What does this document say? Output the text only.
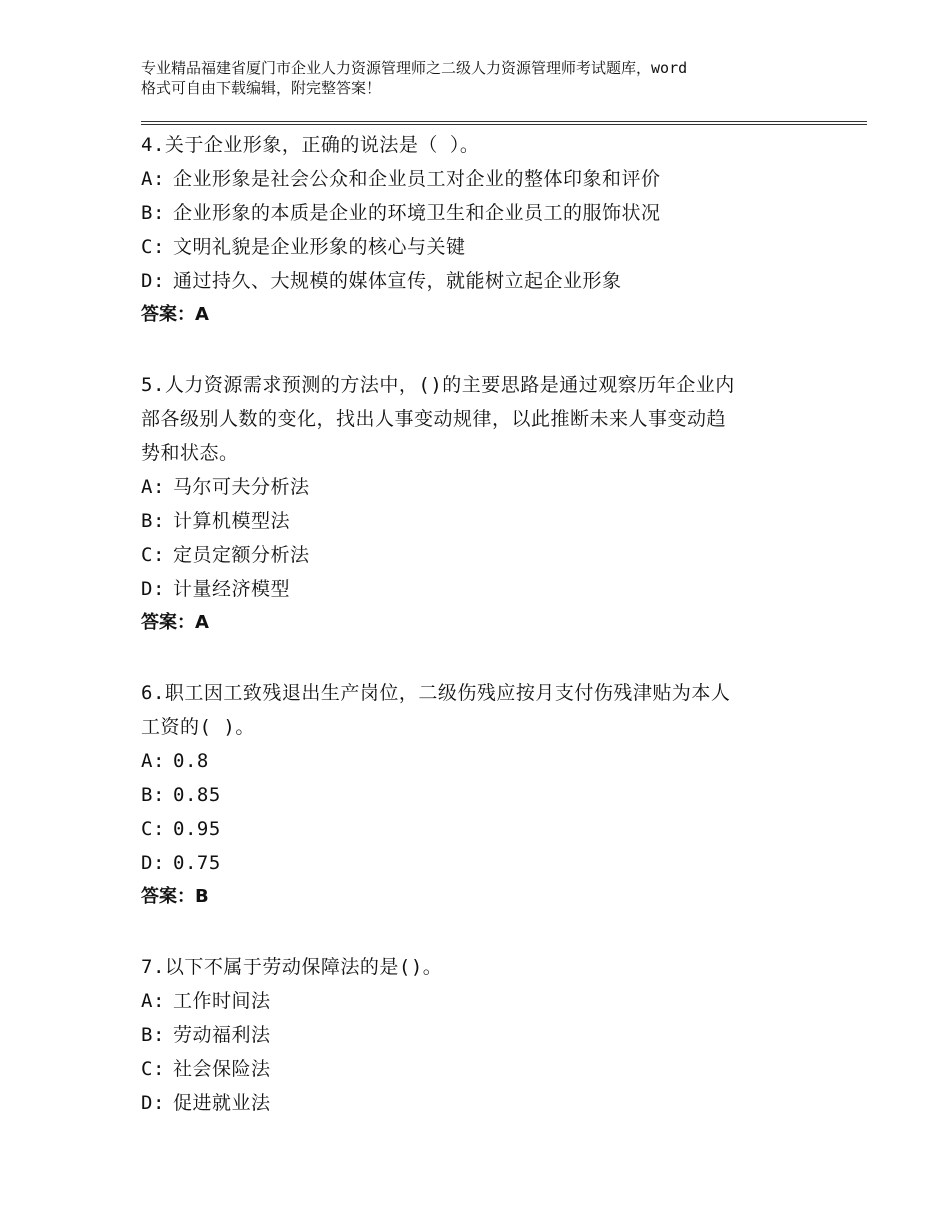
专业精品福建省厦门市企业人力资源管理师之二级人力资源管理师考试题库，word
格式可自由下载编辑，附完整答案！
4.关于企业形象，正确的说法是（ ）。
A: 企业形象是社会公众和企业员工对企业的整体印象和评价
B: 企业形象的本质是企业的环境卫生和企业员工的服饰状况
C: 文明礼貌是企业形象的核心与关键
D: 通过持久、大规模的媒体宣传，就能树立起企业形象
答案：A
5.人力资源需求预测的方法中，()的主要思路是通过观察历年企业内
部各级别人数的变化，找出人事变动规律，以此推断未来人事变动趋
势和状态。
A: 马尔可夫分析法
B: 计算机模型法
C: 定员定额分析法
D: 计量经济模型
答案：A
6.职工因工致残退出生产岗位，二级伤残应按月支付伤残津贴为本人
工资的( )。
A: 0.8
B: 0.85
C: 0.95
D: 0.75
答案：B
7.以下不属于劳动保障法的是()。
A: 工作时间法
B: 劳动福利法
C: 社会保险法
D: 促进就业法
